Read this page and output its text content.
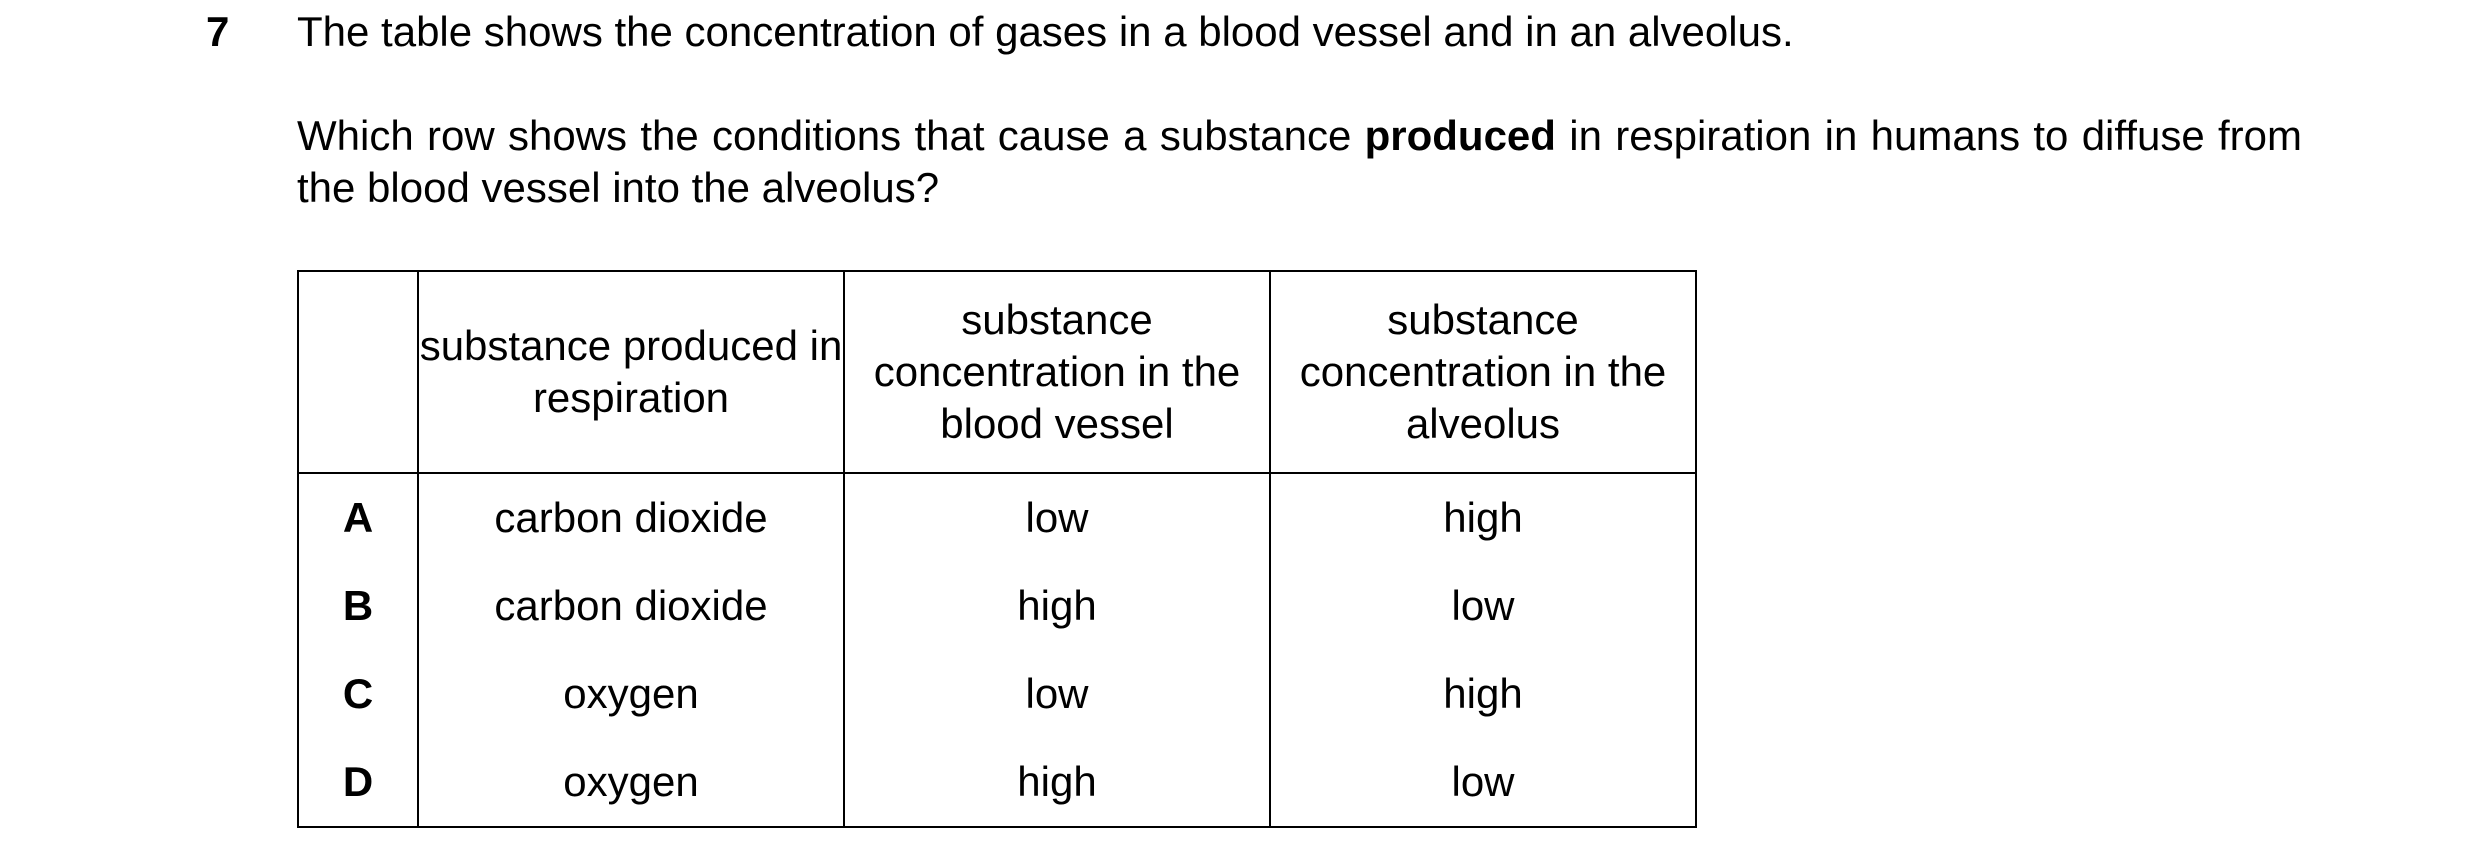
7 The table shows the concentration of gases in a blood vessel and in an alveolus.
Which row shows the conditions that cause a substance produced in respiration in humans to diffuse from the blood vessel into the alveolus?
	substance produced in respiration	substance concentration in the blood vessel	substance concentration in the alveolus
A	carbon dioxide	low	high
B	carbon dioxide	high	low
C	oxygen	low	high
D	oxygen	high	low
